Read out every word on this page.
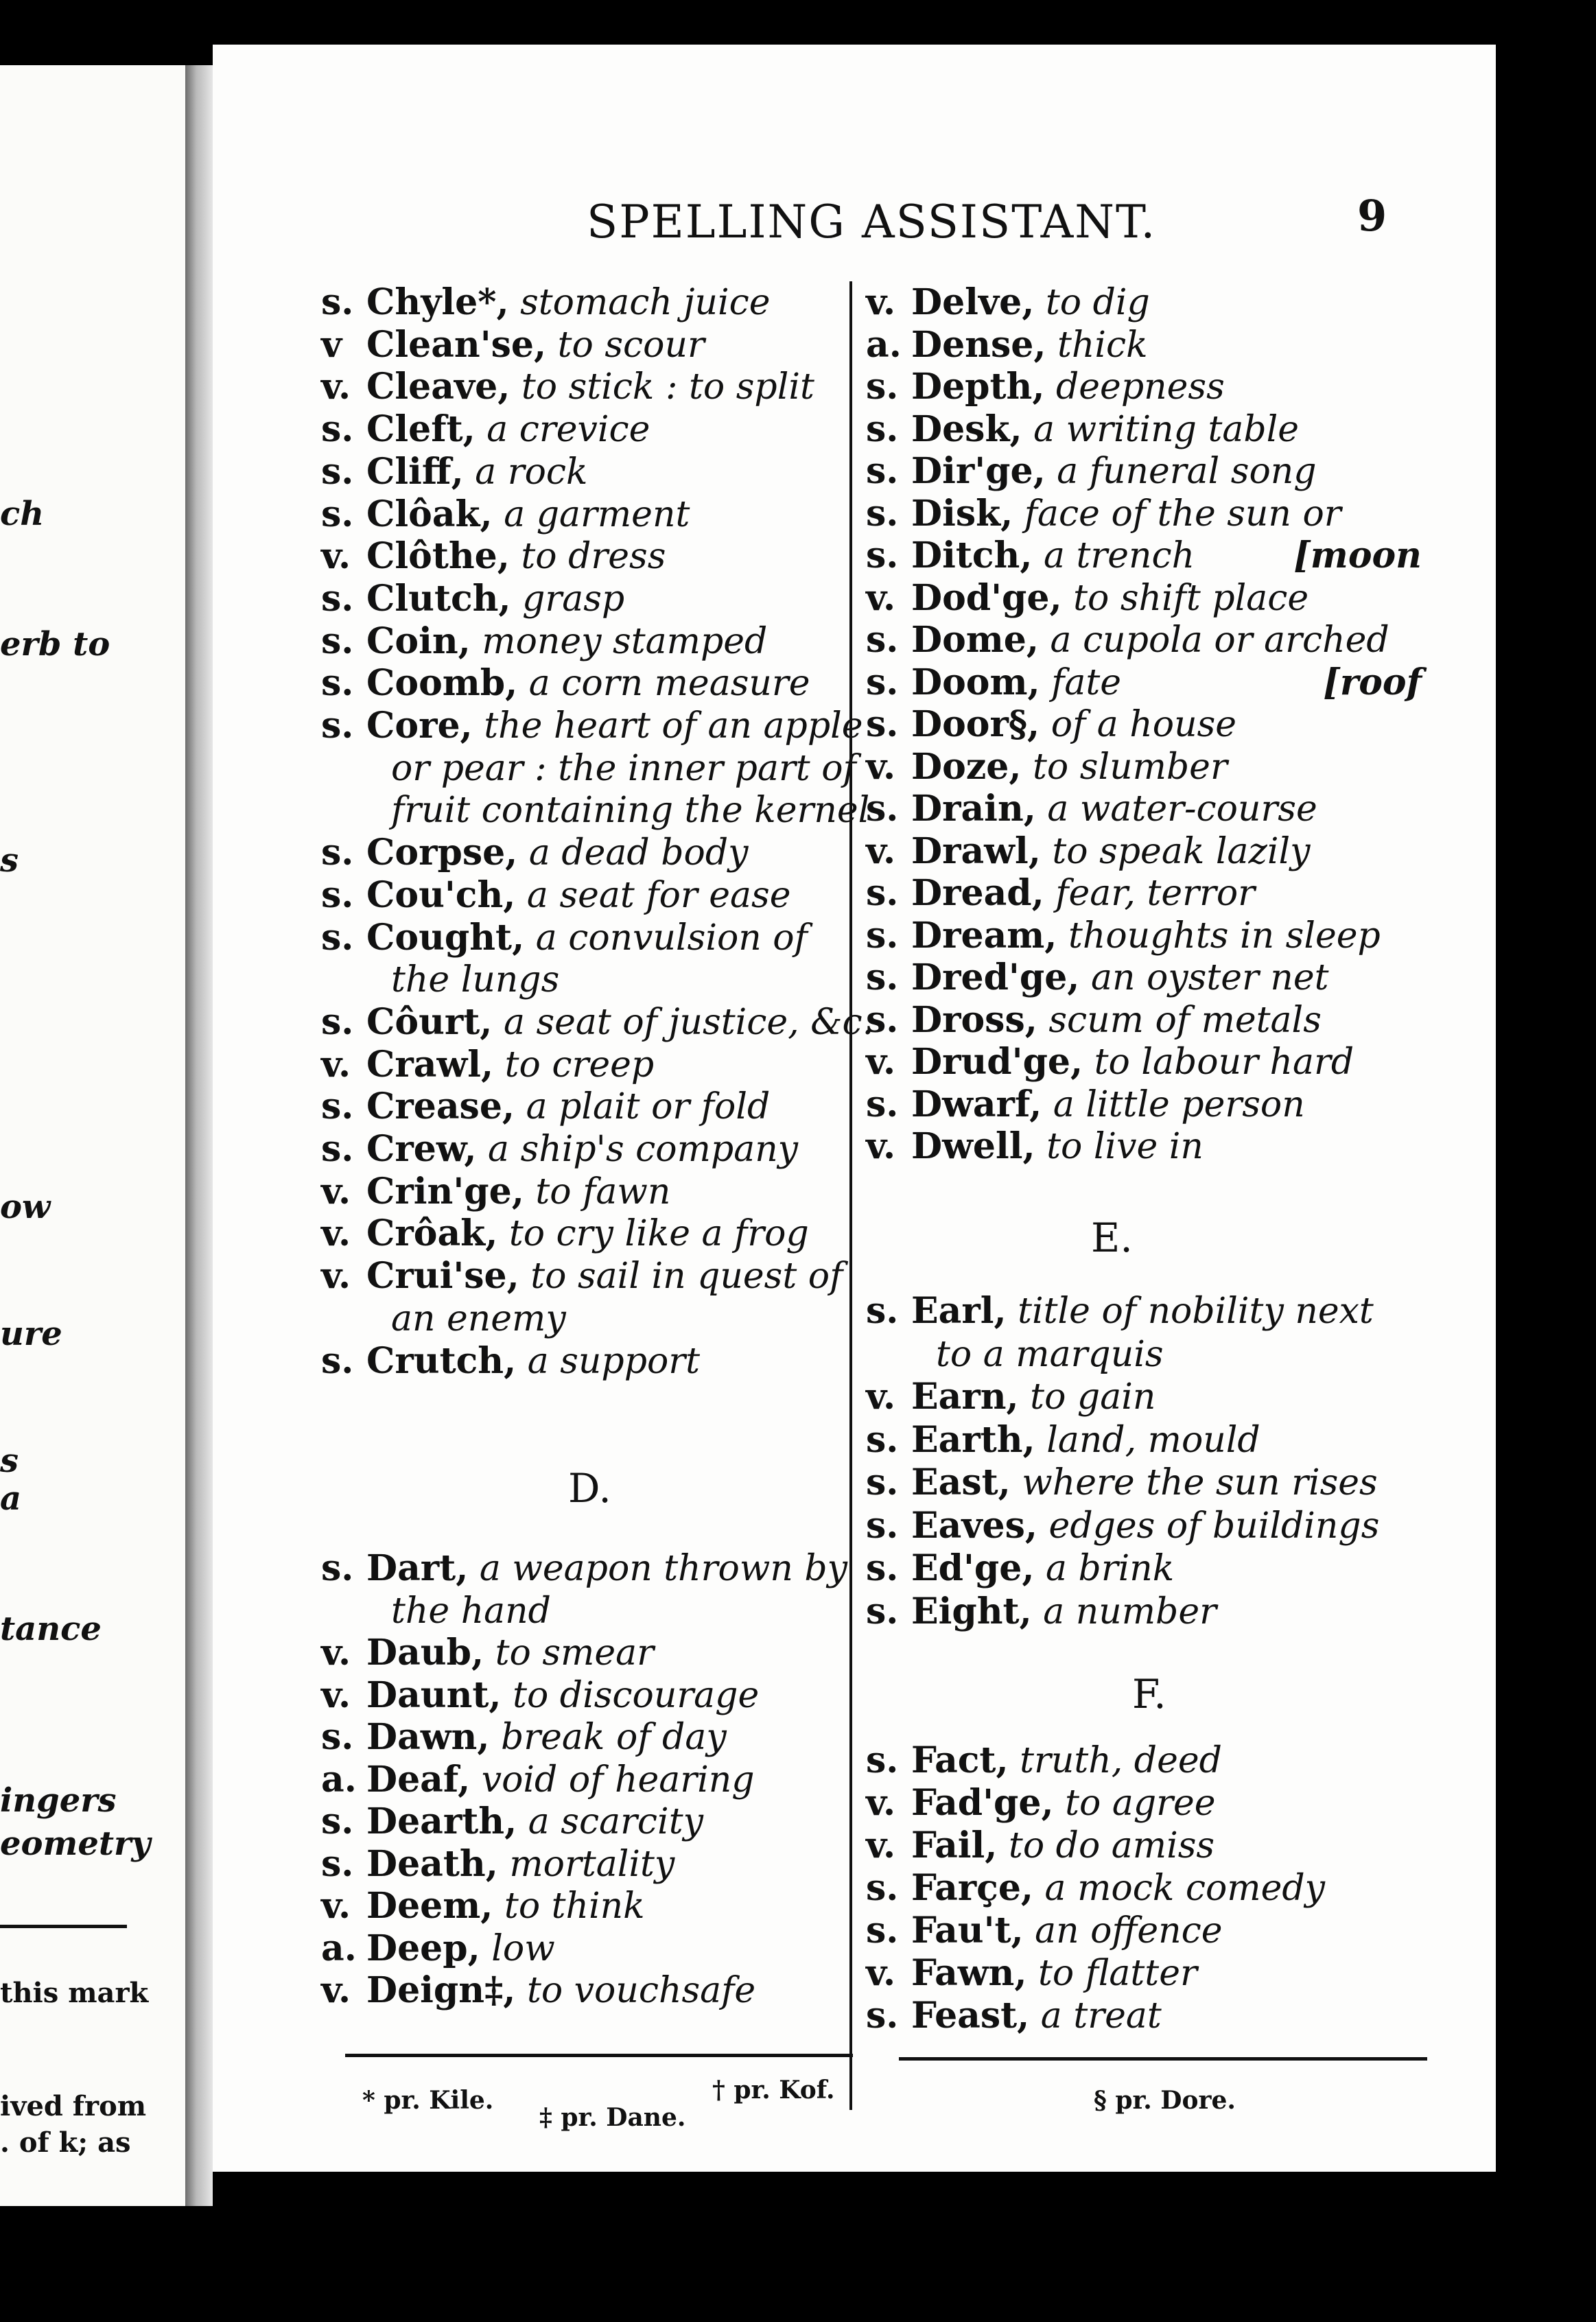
ch
erb to
s
ow
ure
s
a
tance
ingers
eometry
this mark
ived from
. of k; as
SPELLING ASSISTANT.	9
D.
* pr. Kile.	† pr. Kof.
‡ pr. Dane.
s. Chyle*, stomach juice
v Clean'se, to scour
v. Cleave, to stick : to split
s. Cleft, a crevice
s. Cliff, a rock
s. Clôak, a garment
v. Clôthe, to dress
s. Clutch, grasp
s. Coin, money stamped
s. Coomb, a corn measure
s. Core, the heart of an apple
or pear : the inner part of
fruit containing the kernel
s. Corpse, a dead body
s. Cou'ch, a seat for ease
s. Cought, a convulsion of
the lungs
s. Côurt, a seat of justice, &c.
v. Crawl, to creep
s. Crease, a plait or fold
s. Crew, a ship's company
v. Crin'ge, to fawn
v. Crôak, to cry like a frog
v. Crui'se, to sail in quest of
an enemy
s. Crutch, a support
s. Dart, a weapon thrown by
the hand
v. Daub, to smear
v. Daunt, to discourage
s. Dawn, break of day
a. Deaf, void of hearing
s. Dearth, a scarcity
s. Death, mortality
v. Deem, to think
a. Deep, low
v. Deign‡, to vouchsafe
E.
F.
§ pr. Dore.
v. Delve, to dig
a. Dense, thick
s. Depth, deepness
s. Desk, a writing table
s. Dir'ge, a funeral song
s. Disk, face of the sun or
s. Ditch, a trench	[moon
v. Dod'ge, to shift place
s. Dome, a cupola or arched
s. Doom, fate	[roof
s. Door§, of a house
v. Doze, to slumber
s. Drain, a water-course
v. Drawl, to speak lazily
s. Dread, fear, terror
s. Dream, thoughts in sleep
s. Dred'ge, an oyster net
s. Dross, scum of metals
v. Drud'ge, to labour hard
s. Dwarf, a little person
v. Dwell, to live in
s. Earl, title of nobility next
to a marquis
v. Earn, to gain
s. Earth, land, mould
s. East, where the sun rises
s. Eaves, edges of buildings
s. Ed'ge, a brink
s. Eight, a number
s. Fact, truth, deed
v. Fad'ge, to agree
v. Fail, to do amiss
s. Farçe, a mock comedy
s. Fau't, an offence
v. Fawn, to flatter
s. Feast, a treat
